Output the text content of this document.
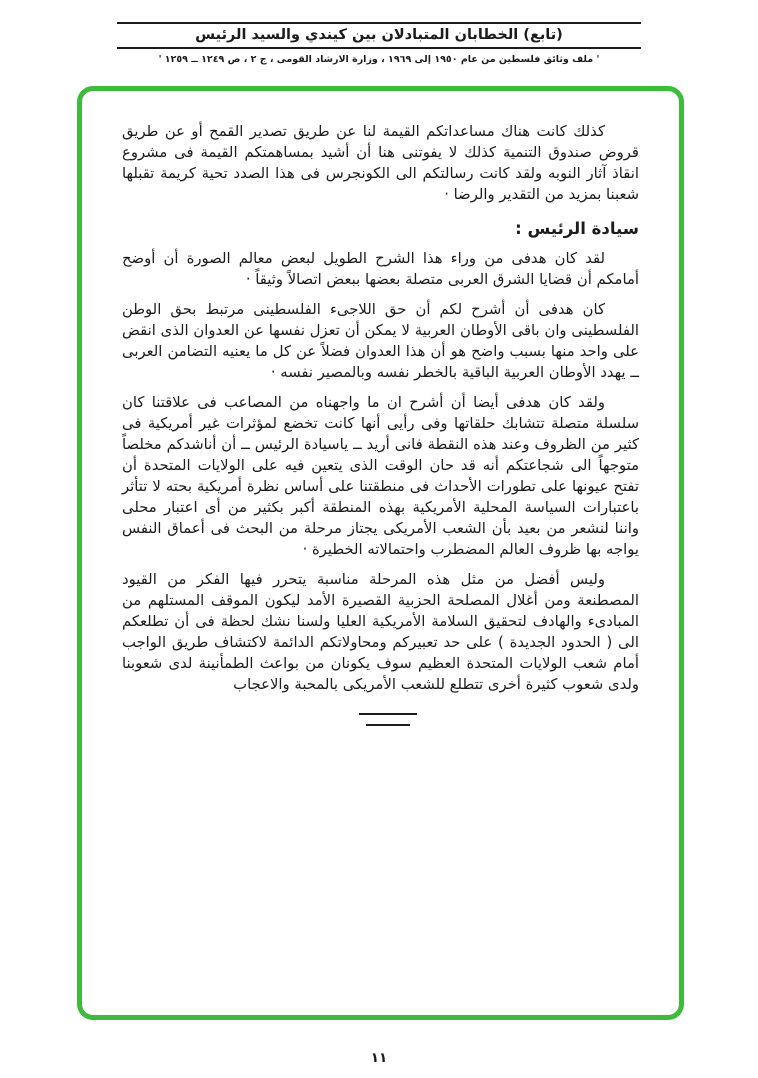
(تابع) الخطابان المتبادلان بين كيندي والسيد الرئيس
' ملف وثائق فلسطين من عام ١٩٥٠ إلى ١٩٦٩ ، وزارة الارشاد القومى ، ج ٢ ، ص ١٢٤٩ ــ ١٢٥٩ '

كذلك كانت هناك مساعداتكم القيمة لنا عن طريق تصدير القمح أو عن طريق قروض صندوق التنمية كذلك لا يفوتنى هنا أن أشيد بمساهمتكم القيمة فى مشروع انقاذ آثار النوبه ولقد كانت رسالتكم الى الكونجرس فى هذا الصدد تحية كريمة تقبلها شعبنا بمزيد من التقدير والرضا ·

سيادة الرئيس :

لقد كان هدفى من وراء هذا الشرح الطويل لبعض معالم الصورة أن أوضح أمامكم أن قضايا الشرق العربى متصلة بعضها ببعض اتصالاً وثيقاً ·

كان هدفى أن أشرح لكم أن حق اللاجىء الفلسطينى مرتبط بحق الوطن الفلسطينى وان باقى الأوطان العربية لا يمكن أن تعزل نفسها عن العدوان الذى انقض على واحد منها بسبب واضح هو أن هذا العدوان فضلاً عن كل ما يعنيه التضامن العربى ــ يهدد الأوطان العربية الباقية بالخطر نفسه وبالمصير نفسه ·

ولقد كان هدفى أيضا أن أشرح ان ما واجهناه من المصاعب فى علاقتنا كان سلسلة متصلة تتشابك حلقاتها وفى رأيى أنها كانت تخضع لمؤثرات غير أمريكية فى كثير من الظروف وعند هذه النقطة فانى أريد ــ ياسيادة الرئيس ــ أن أناشدكم مخلصاً متوجهاً الى شجاعتكم أنه قد حان الوقت الذى يتعين فيه على الولايات المتحدة أن تفتح عيونها على تطورات الأحداث فى منطقتنا على أساس نظرة أمريكية بحته لا تتأثر باعتبارات السياسة المحلية الأمريكية بهذه المنطقة أكبر بكثير من أى اعتبار محلى واننا لنشعر من بعيد بأن الشعب الأمريكى يجتاز مرحلة من البحث فى أعماق النفس يواجه بها ظروف العالم المضطرب واحتمالاته الخطيرة ·

وليس أفضل من مثل هذه المرحلة مناسبة يتحرر فيها الفكر من القيود المصطنعة ومن أغلال المصلحة الحزبية القصيرة الأمد ليكون الموقف المستلهم من المبادىء والهادف لتحقيق السلامة الأمريكية العليا ولسنا نشك لحظة فى أن تطلعكم الى ( الحدود الجديدة ) على حد تعبيركم ومحاولاتكم الدائمة لاكتشاف طريق الواجب أمام شعب الولايات المتحدة العظيم سوف يكونان من بواعث الطمأنينة لدى شعوبنا ولدى شعوب كثيرة أخرى تتطلع للشعب الأمريكى بالمحبة والاعجاب

١١
